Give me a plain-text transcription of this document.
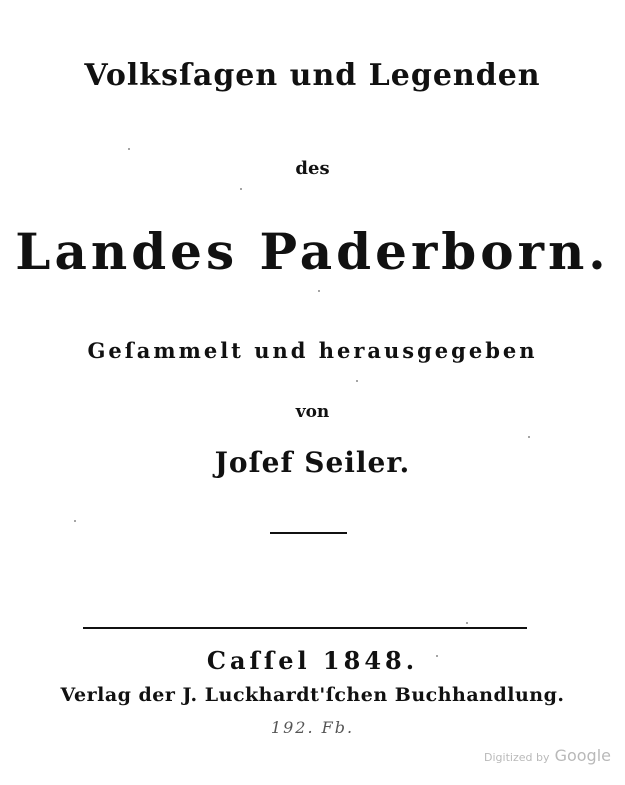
Volksſagen und Legenden
des
Landes Paderborn.
Geſammelt und herausgegeben
von
Joſef Seiler.
Caſſel 1848.
Verlag der J. Luckhardt'ſchen Buchhandlung.
192. Fb.
Digitized by Google
